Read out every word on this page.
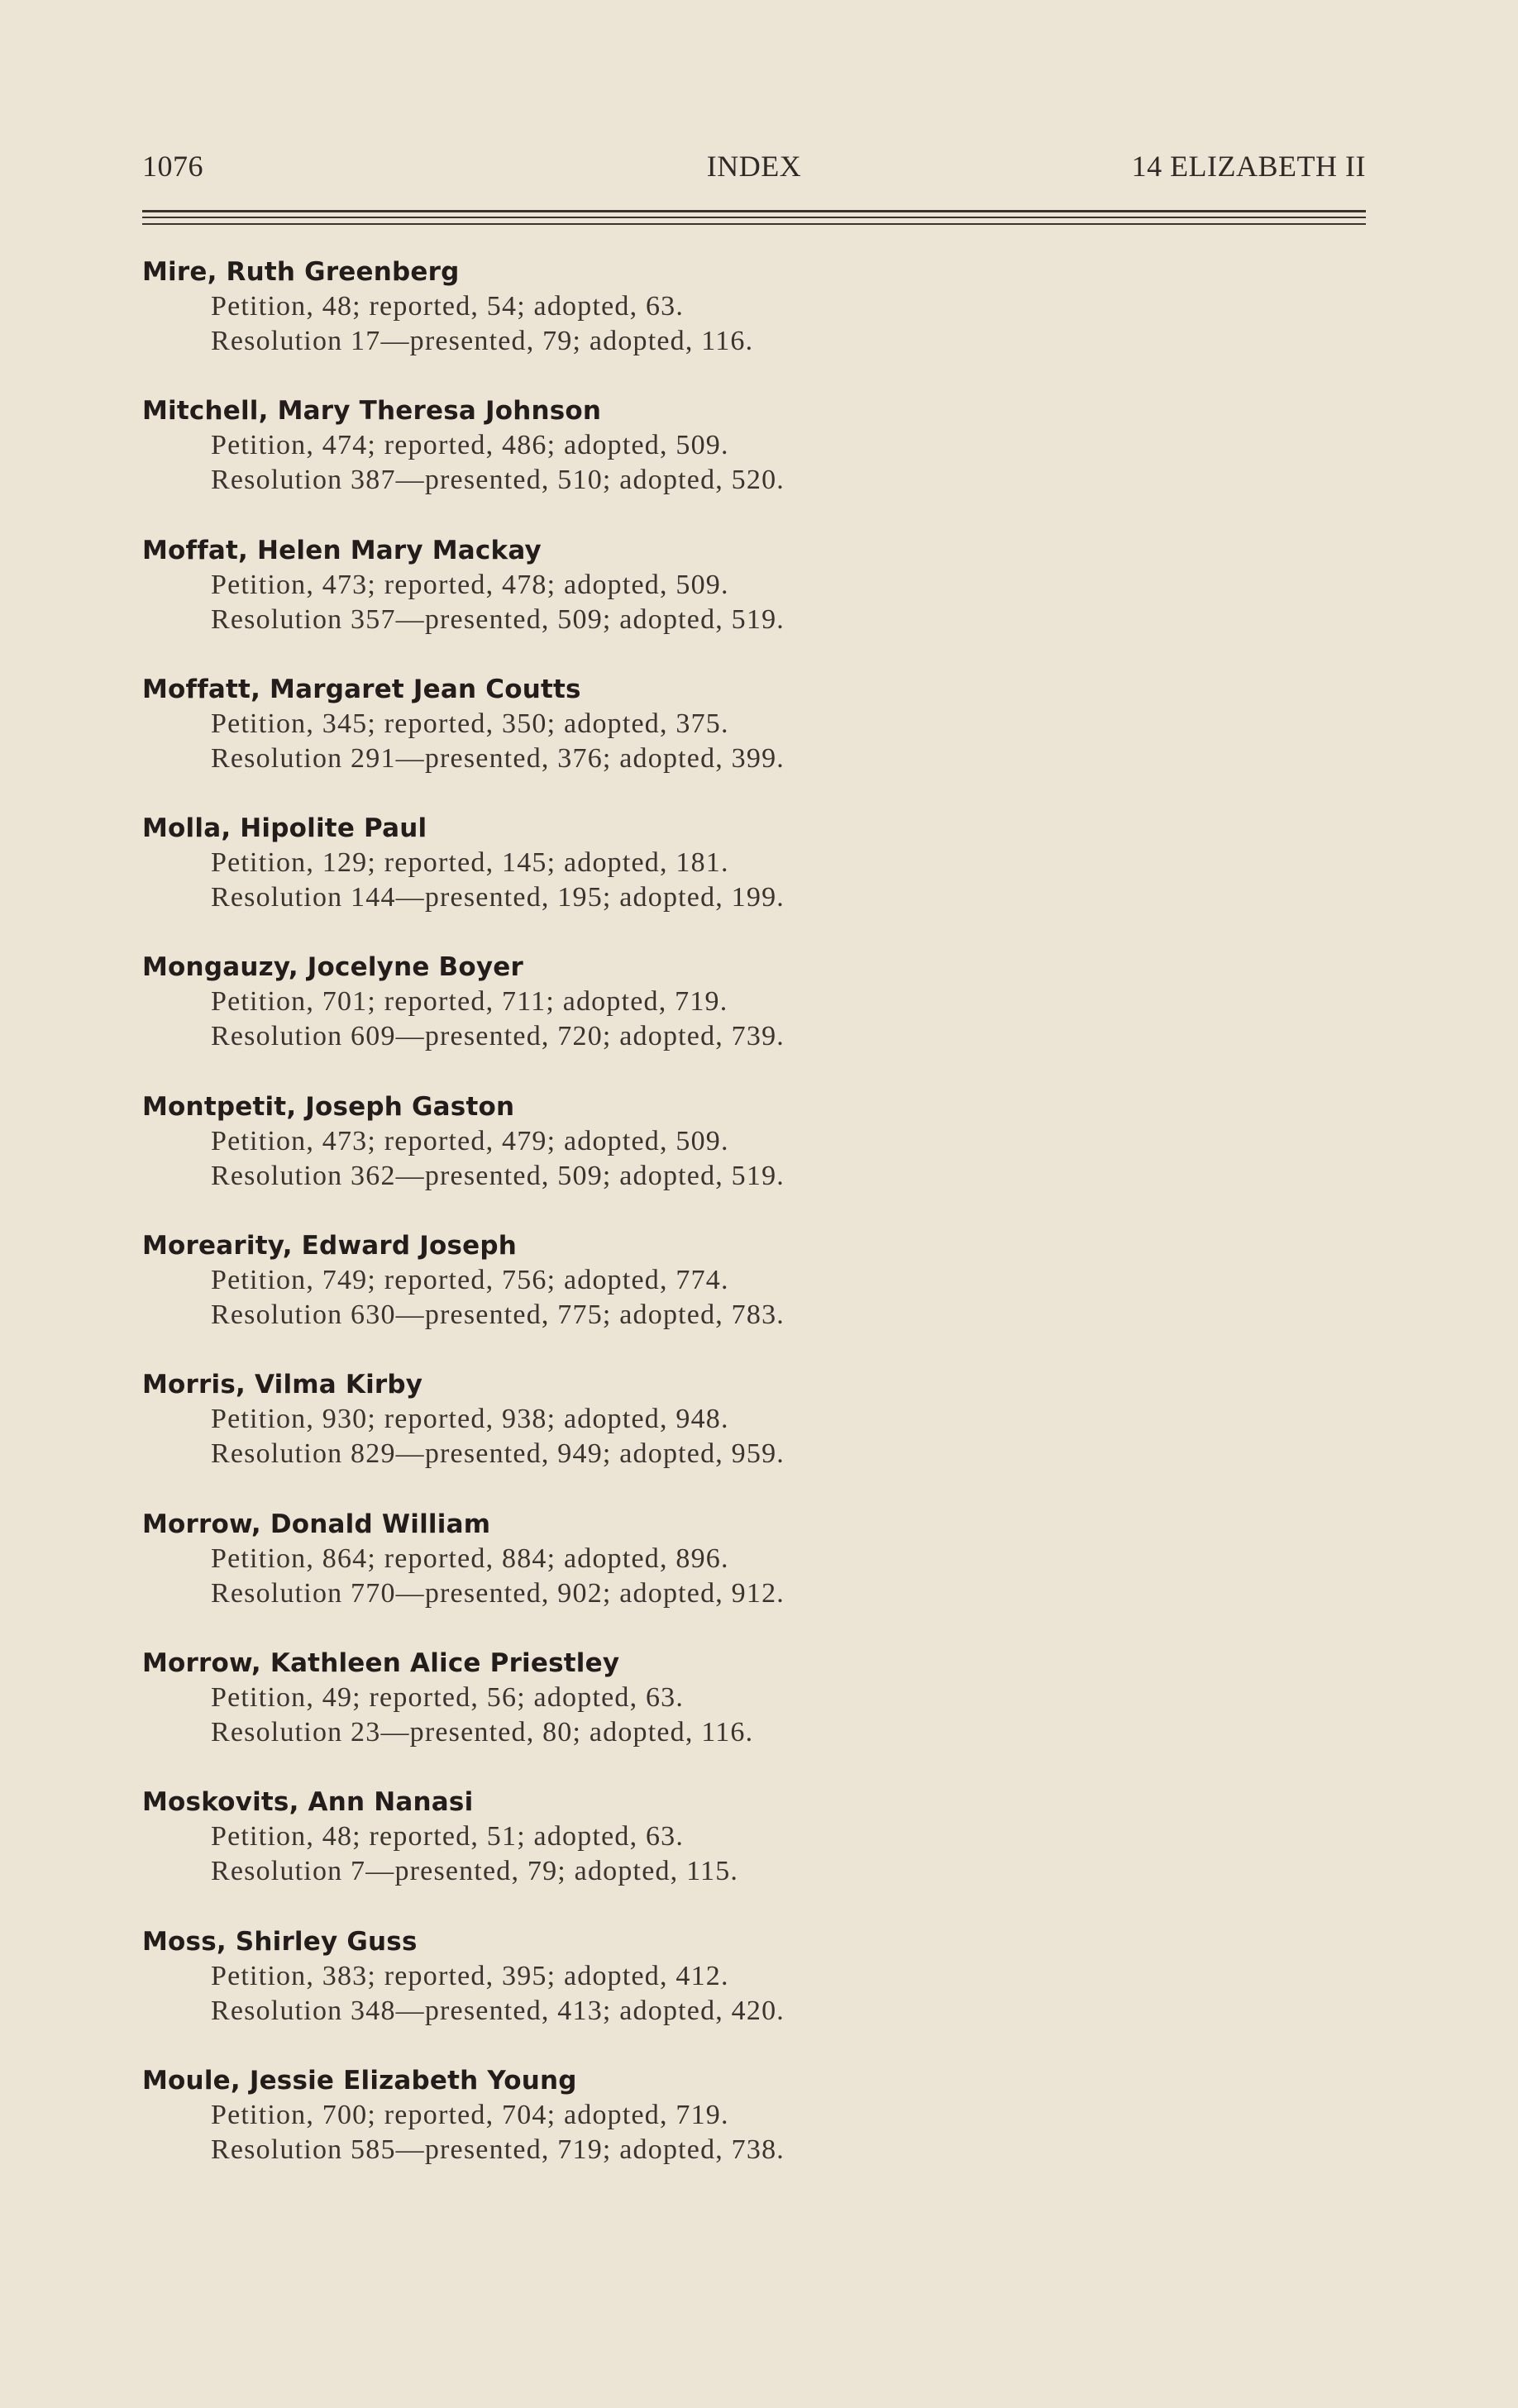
1076	INDEX	14 ELIZABETH II
Mire, Ruth Greenberg
Petition, 48; reported, 54; adopted, 63.
Resolution 17—presented, 79; adopted, 116.
Mitchell, Mary Theresa Johnson
Petition, 474; reported, 486; adopted, 509.
Resolution 387—presented, 510; adopted, 520.
Moffat, Helen Mary Mackay
Petition, 473; reported, 478; adopted, 509.
Resolution 357—presented, 509; adopted, 519.
Moffatt, Margaret Jean Coutts
Petition, 345; reported, 350; adopted, 375.
Resolution 291—presented, 376; adopted, 399.
Molla, Hipolite Paul
Petition, 129; reported, 145; adopted, 181.
Resolution 144—presented, 195; adopted, 199.
Mongauzy, Jocelyne Boyer
Petition, 701; reported, 711; adopted, 719.
Resolution 609—presented, 720; adopted, 739.
Montpetit, Joseph Gaston
Petition, 473; reported, 479; adopted, 509.
Resolution 362—presented, 509; adopted, 519.
Morearity, Edward Joseph
Petition, 749; reported, 756; adopted, 774.
Resolution 630—presented, 775; adopted, 783.
Morris, Vilma Kirby
Petition, 930; reported, 938; adopted, 948.
Resolution 829—presented, 949; adopted, 959.
Morrow, Donald William
Petition, 864; reported, 884; adopted, 896.
Resolution 770—presented, 902; adopted, 912.
Morrow, Kathleen Alice Priestley
Petition, 49; reported, 56; adopted, 63.
Resolution 23—presented, 80; adopted, 116.
Moskovits, Ann Nanasi
Petition, 48; reported, 51; adopted, 63.
Resolution 7—presented, 79; adopted, 115.
Moss, Shirley Guss
Petition, 383; reported, 395; adopted, 412.
Resolution 348—presented, 413; adopted, 420.
Moule, Jessie Elizabeth Young
Petition, 700; reported, 704; adopted, 719.
Resolution 585—presented, 719; adopted, 738.
